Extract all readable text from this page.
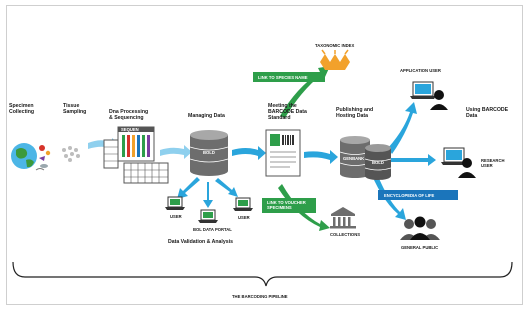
Specimen Collecting
Tissue Sampling	Dna Processing & Sequencing	Managing Data
Meeting the BARCODE Data Standard
Publishing and Hosting Data
Using BARCODE Data
SEQUEN
BOLD
USER
BOL DATA PORTAL
USER
Data Validation & Analysis
TAXONOMIC INDEX
LINK TO SPECIES NAME
LINK TO VOUCHER SPECIMENS
COLLECTIONS
GENBANK
BOLD
ENCYCLOPEDIA OF LIFE
APPLICATION USER
RESEARCH USER
GENERAL PUBLIC
THE BARCODING PIPELINE
